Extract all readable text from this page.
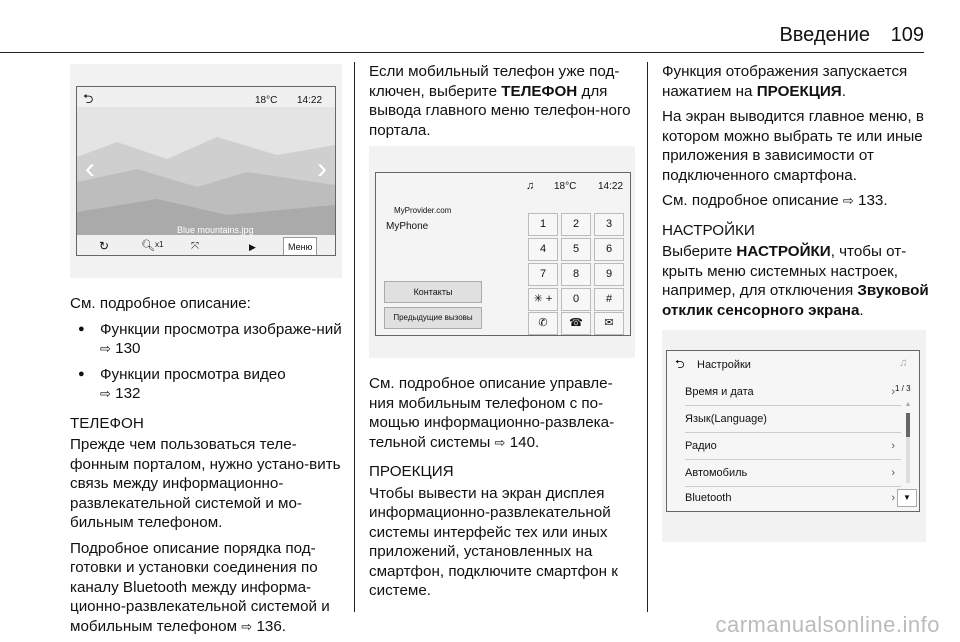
Введение 109
⮌	18°C 14:22
‹	›
Blue mountains.jpg
↻	🔍︎ x1	⤧	▶	Меню

См. подробное описание:

● Функции просмотра изображе-ний ⇨ 130
● Функции просмотра видео
⇨ 132
ТЕЛЕФОН

Прежде чем пользоваться теле-фонным порталом, нужно устано-вить связь между информационно-развлекательной системой и мо-бильным телефоном.

Подробное описание порядка под-готовки и установки соединения по каналу Bluetooth между информа-ционно-развлекательной системой и мобильным телефоном ⇨ 136.

Если мобильный телефон уже под-ключен, выберите ТЕЛЕФОН для вывода главного меню телефон-ного портала.

♫ 18°C 14:22
MyProvider.com
MyPhone	1	2	3
4	5	6
7	8	9
✳ +	0	#
✆	☎	✉
Контакты
Предыдущие вызовы

См. подробное описание управле-ния мобильным телефоном с по-мощью информационно-развлека-тельной системы ⇨ 140.

ПРОЕКЦИЯ

Чтобы вывести на экран дисплея информационно-развлекательной системы интерфейс тех или иных приложений, установленных на смартфон, подключите смартфон к системе.

Функция отображения запускается нажатием на ПРОЕКЦИЯ.

На экран выводится главное меню, в котором можно выбрать те или иные приложения в зависимости от подключенного смартфона.

См. подробное описание ⇨ 133.

НАСТРОЙКИ

Выберите НАСТРОЙКИ, чтобы от-крыть меню системных настроек, например, для отключения Звуковой отклик сенсорного экрана.

⮌ Настройки	♫
1 / 3
Время и дата	›
Язык(Language)
Радио	›
Автомобиль	›
Bluetooth	›
▲
▼
carmanualsonline.info
